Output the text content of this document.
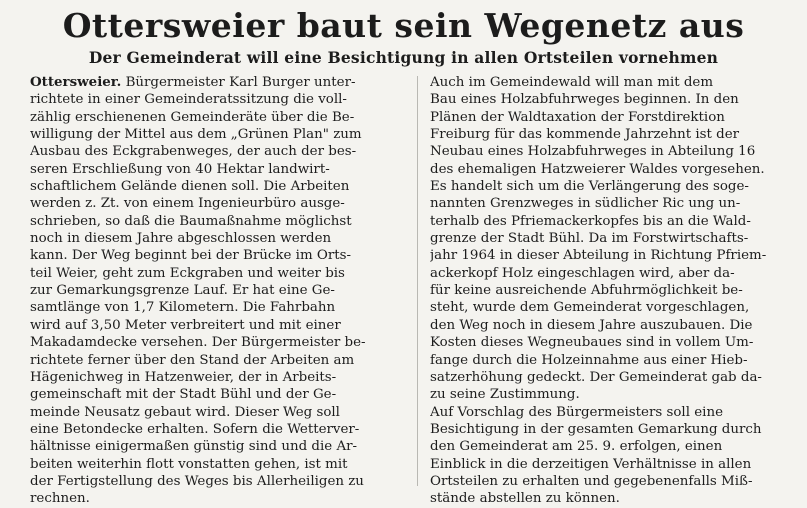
Ottersweier baut sein Wegenetz aus
Der Gemeinderat will eine Besichtigung in allen Ortsteilen vornehmen
Ottersweier. Bürgermeister Karl Burger unter-
richtete in einer Gemeinderatssitzung die voll-
zählig erschienenen Gemeinderäte über die Be-
willigung der Mittel aus dem „Grünen Plan" zum
Ausbau des Eckgrabenweges, der auch der bes-
seren Erschließung von 40 Hektar landwirt-
schaftlichem Gelände dienen soll. Die Arbeiten
werden z. Zt. von einem Ingenieurbüro ausge-
schrieben, so daß die Baumaßnahme möglichst
noch in diesem Jahre abgeschlossen werden
kann. Der Weg beginnt bei der Brücke im Orts-
teil Weier, geht zum Eckgraben und weiter bis
zur Gemarkungsgrenze Lauf. Er hat eine Ge-
samtlänge von 1,7 Kilometern. Die Fahrbahn
wird auf 3,50 Meter verbreitert und mit einer
Makadamdecke versehen. Der Bürgermeister be-
richtete ferner über den Stand der Arbeiten am
Hägenichweg in Hatzenweier, der in Arbeits-
gemeinschaft mit der Stadt Bühl und der Ge-
meinde Neusatz gebaut wird. Dieser Weg soll
eine Betondecke erhalten. Sofern die Wetterver-
hältnisse einigermaßen günstig sind und die Ar-
beiten weiterhin flott vonstatten gehen, ist mit
der Fertigstellung des Weges bis Allerheiligen zu
rechnen.
Auch im Gemeindewald will man mit dem
Bau eines Holzabfuhrweges beginnen. In den
Plänen der Waldtaxation der Forstdirektion
Freiburg für das kommende Jahrzehnt ist der
Neubau eines Holzabfuhrweges in Abteilung 16
des ehemaligen Hatzweierer Waldes vorgesehen.
Es handelt sich um die Verlängerung des soge-
nannten Grenzweges in südlicher Ric ung un-
terhalb des Pfriemackerkopfes bis an die Wald-
grenze der Stadt Bühl. Da im Forstwirtschafts-
jahr 1964 in dieser Abteilung in Richtung Pfriem-
ackerkopf Holz eingeschlagen wird, aber da-
für keine ausreichende Abfuhrmöglichkeit be-
steht, wurde dem Gemeinderat vorgeschlagen,
den Weg noch in diesem Jahre auszubauen. Die
Kosten dieses Wegneubaues sind in vollem Um-
fange durch die Holzeinnahme aus einer Hieb-
satzerhöhung gedeckt. Der Gemeinderat gab da-
zu seine Zustimmung.
Auf Vorschlag des Bürgermeisters soll eine
Besichtigung in der gesamten Gemarkung durch
den Gemeinderat am 25. 9. erfolgen, einen
Einblick in die derzeitigen Verhältnisse in allen
Ortsteilen zu erhalten und gegebenenfalls Miß-
stände abstellen zu können.
